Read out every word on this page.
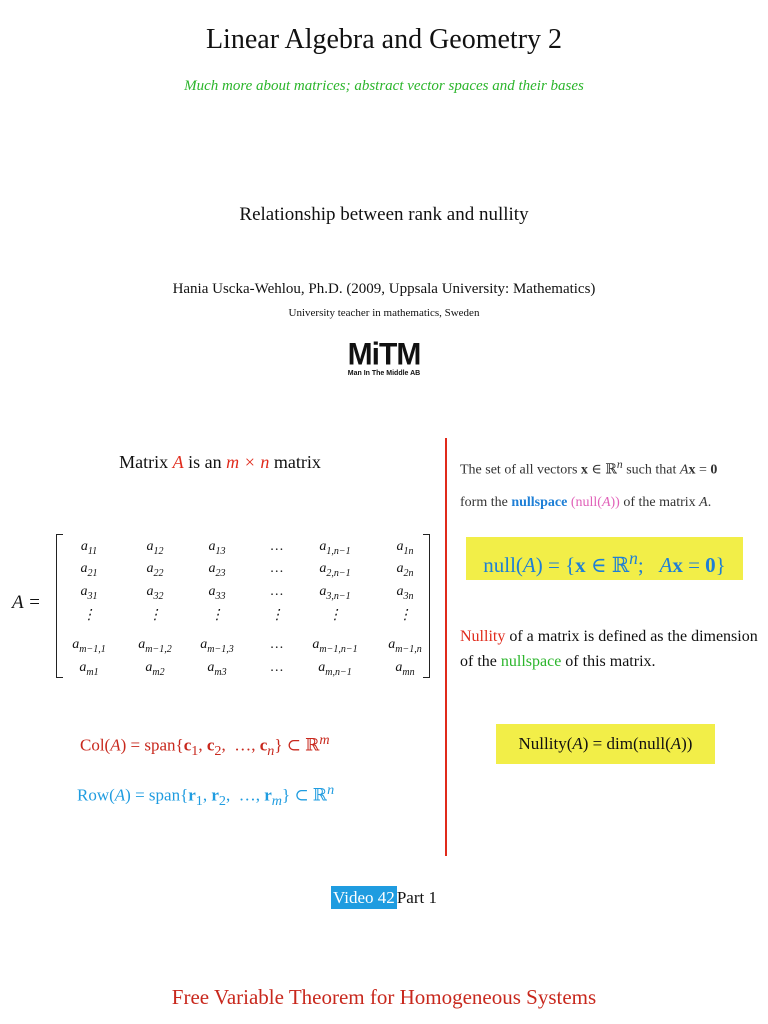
Linear Algebra and Geometry 2
Much more about matrices; abstract vector spaces and their bases
Relationship between rank and nullity
Hania Uscka-Wehlou, Ph.D. (2009, Uppsala University: Mathematics)
University teacher in mathematics, Sweden
MiTM
Man In The Middle AB
Matrix A is an m × n matrix
A =
$a_{11}$	$a_{12}$	$a_{13}$	…	$a_{1,n-1}$	$a_{1n}$
$a_{21}$	$a_{22}$	$a_{23}$	…	$a_{2,n-1}$	$a_{2n}$
$a_{31}$	$a_{32}$	$a_{33}$	…	$a_{3,n-1}$	$a_{3n}$
⋮	⋮	⋮	⋮	⋮	⋮
$a_{m-1,1}$	$a_{m-1,2}$	$a_{m-1,3}$	…	$a_{m-1,n-1}$	$a_{m-1,n}$
$a_{m1}$	$a_{m2}$	$a_{m3}$	…	$a_{m,n-1}$	$a_{mn}$
$Col(A) = span\{c_1$, $c_2$,  …, $c_n$} ⊂ ℝ$^m$
$Row(A) = span\{r_1$, $r_2$,  …, $r_m$} ⊂ ℝ$^n$
The set of all vectors x ∈ ℝ$^n$ such that Ax = 0
form the nullspace (null(A)) of the matrix A.
null(A) = {x ∈ ℝ$^n$;   Ax = 0}
Nullity of a matrix is defined as the dimension of the nullspace of this matrix.
Nullity(A) = dim(null(A))
Video 42 Part 1
Free Variable Theorem for Homogeneous Systems
